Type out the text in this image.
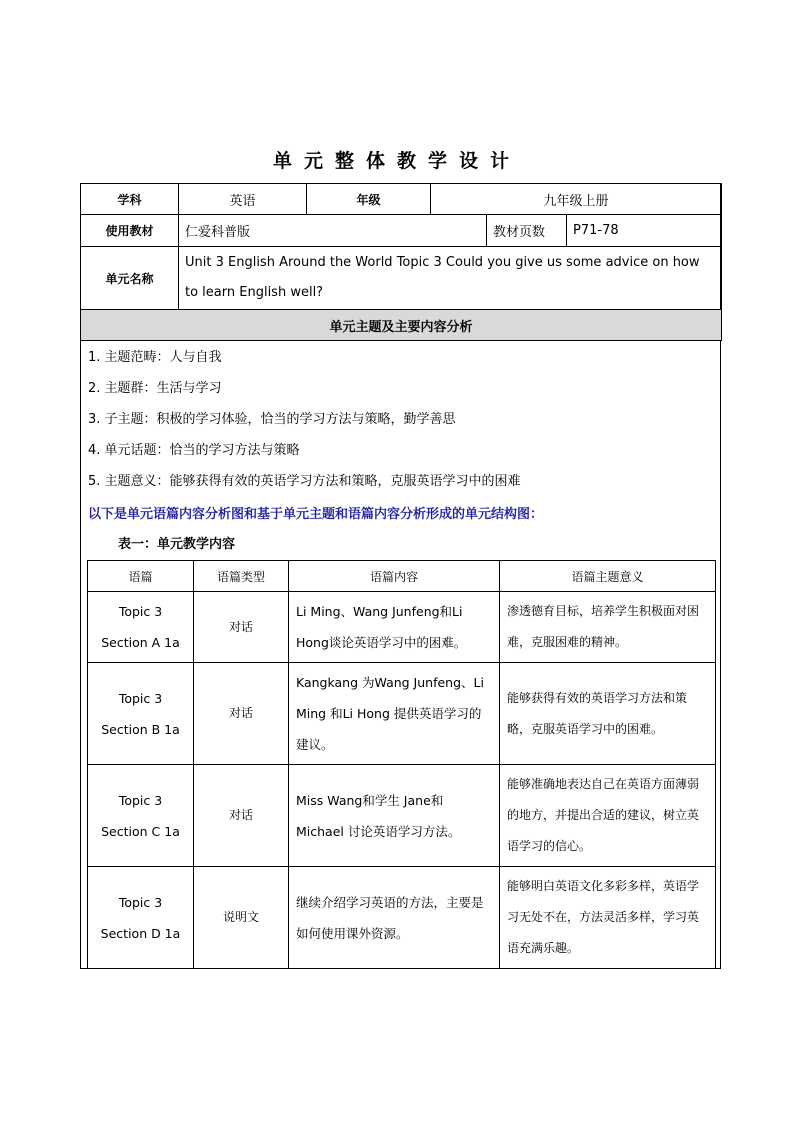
单元整体教学设计
学科	英语	年级	九年级上册		
使用教材	仁爱科普版			教材页数	P71-78
单元名称	Unit 3 English Around the World Topic 3 Could you give us some advice on how to learn English well?				
单元主题及主要内容分析					
1. 主题范畴：人与自我
2. 主题群：生活与学习
3. 子主题：积极的学习体验，恰当的学习方法与策略，勤学善思
4. 单元话题：恰当的学习方法与策略
5. 主题意义：能够获得有效的英语学习方法和策略，克服英语学习中的困难
以下是单元语篇内容分析图和基于单元主题和语篇内容分析形成的单元结构图：
表一：单元教学内容
语篇	语篇类型	语篇内容	语篇主题意义
Topic 3 Section A 1a	对话	Li Ming、Wang Junfeng和Li Hong谈论英语学习中的困难。	渗透德育目标，培养学生积极面对困难，克服困难的精神。
Topic 3 Section B 1a	对话	Kangkang 为Wang Junfeng、Li Ming 和Li Hong 提供英语学习的建议。	能够获得有效的英语学习方法和策略，克服英语学习中的困难。
Topic 3 Section C 1a	对话	Miss Wang和学生 Jane和 Michael 讨论英语学习方法。	能够准确地表达自己在英语方面薄弱的地方，并提出合适的建议，树立英语学习的信心。
Topic 3 Section D 1a	说明文	继续介绍学习英语的方法，主要是如何使用课外资源。	能够明白英语文化多彩多样，英语学习无处不在，方法灵活多样，学习英语充满乐趣。
